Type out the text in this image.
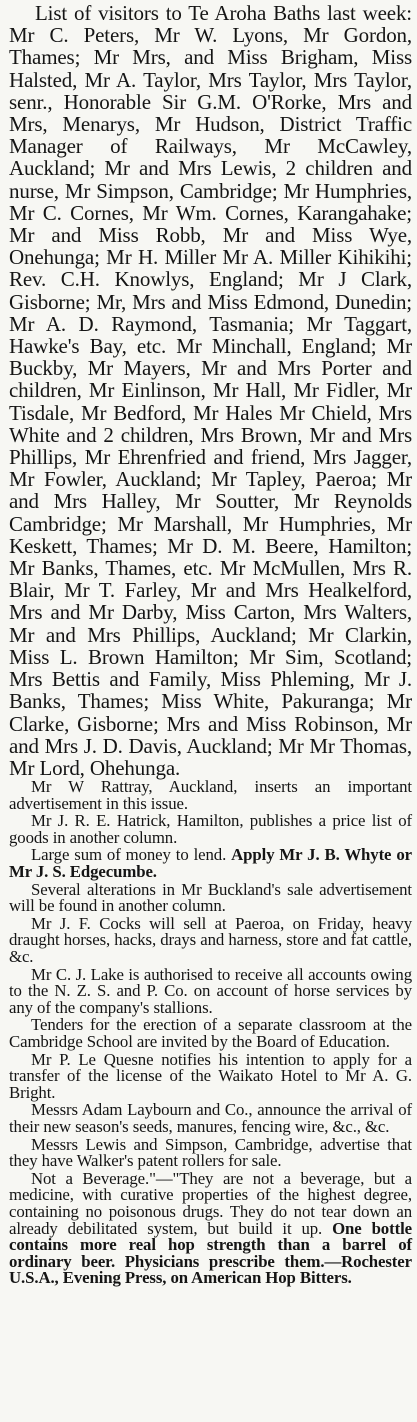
List of visitors to Te Aroha Baths last week: Mr C. Peters, Mr W. Lyons, Mr Gordon, Thames; Mr Mrs, and Miss Brigham, Miss Halsted, Mr A. Taylor, Mrs Taylor, Mrs Taylor, senr., Honorable Sir G.M. O'Rorke, Mrs and Mrs, Menarys, Mr Hudson, District Traffic Manager of Railways, Mr McCawley, Auckland; Mr and Mrs Lewis, 2 children and nurse, Mr Simpson, Cambridge; Mr Humphries, Mr C. Cornes, Mr Wm. Cornes, Karangahake; Mr and Miss Robb, Mr and Miss Wye, Onehunga; Mr H. Miller Mr A. Miller Kihikihi; Rev. C.H. Knowlys, England; Mr J Clark, Gisborne; Mr, Mrs and Miss Edmond, Dunedin; Mr A. D. Raymond, Tasmania; Mr Taggart, Hawke's Bay, etc. Mr Minchall, England; Mr Buckby, Mr Mayers, Mr and Mrs Porter and children, Mr Einlinson, Mr Hall, Mr Fidler, Mr Tisdale, Mr Bedford, Mr Hales Mr Chield, Mrs White and 2 children, Mrs Brown, Mr and Mrs Phillips, Mr Ehrenfried and friend, Mrs Jagger, Mr Fowler, Auckland; Mr Tapley, Paeroa; Mr and Mrs Halley, Mr Soutter, Mr Reynolds Cambridge; Mr Marshall, Mr Humphries, Mr Keskett, Thames; Mr D. M. Beere, Hamilton; Mr Banks, Thames, etc. Mr McMullen, Mrs R. Blair, Mr T. Farley, Mr and Mrs Healkelford, Mrs and Mr Darby, Miss Carton, Mrs Walters, Mr and Mrs Phillips, Auckland; Mr Clarkin, Miss L. Brown Hamilton; Mr Sim, Scotland; Mrs Bettis and Family, Miss Phleming, Mr J. Banks, Thames; Miss White, Pakuranga; Mr Clarke, Gisborne; Mrs and Miss Robinson, Mr and Mrs J. D. Davis, Auckland; Mr Mr Thomas, Mr Lord, Ohehunga.

Mr W Rattray, Auckland, inserts an important advertisement in this issue.

Mr J. R. E. Hatrick, Hamilton, publishes a price list of goods in another column.

Large sum of money to lend. Apply Mr J. B. Whyte or Mr J. S. Edgecumbe.

Several alterations in Mr Buckland's sale advertisement will be found in another column.

Mr J. F. Cocks will sell at Paeroa, on Friday, heavy draught horses, hacks, drays and harness, store and fat cattle, &c.

Mr C. J. Lake is authorised to receive all accounts owing to the N. Z. S. and P. Co. on account of horse services by any of the company's stallions.

Tenders for the erection of a separate classroom at the Cambridge School are invited by the Board of Education.

Mr P. Le Quesne notifies his intention to apply for a transfer of the license of the Waikato Hotel to Mr A. G. Bright.

Messrs Adam Laybourn and Co., announce the arrival of their new season's seeds, manures, fencing wire, &c., &c.

Messrs Lewis and Simpson, Cambridge, advertise that they have Walker's patent rollers for sale.

Not a Beverage."—"They are not a beverage, but a medicine, with curative properties of the highest degree, containing no poisonous drugs. They do not tear down an already debilitated system, but build it up. One bottle contains more real hop strength than a barrel of ordinary beer. Physicians prescribe them.—Rochester U.S.A., Evening Press, on American Hop Bitters.
